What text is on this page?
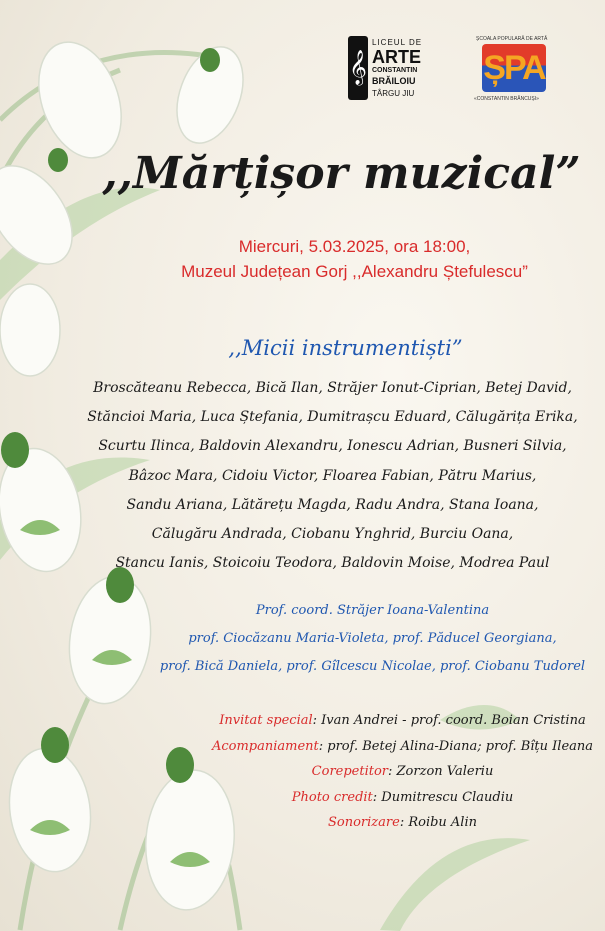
𝄞
LICEUL DE
ARTE
CONSTANTIN
BRĂILOIU
TÂRGU JIU
ȘCOALA POPULARĂ DE ARTĂ
ȘPA
«CONSTANTIN BRÂNCUȘI»
,,Mărțișor muzical”
Miercuri, 5.03.2025, ora 18:00,
Muzeul Județean Gorj ,,Alexandru Ștefulescu”
,,Micii instrumentiști”
Broscăteanu Rebecca, Bică Ilan, Străjer Ionut-Ciprian, Betej David,
Stăncioi Maria, Luca Ștefania, Dumitrașcu Eduard, Călugărița Erika,
Scurtu Ilinca, Baldovin Alexandru, Ionescu Adrian, Busneri Silvia,
Bâzoc Mara, Cidoiu Victor, Floarea Fabian, Pătru Marius,
Sandu Ariana, Lătărețu Magda, Radu Andra, Stana Ioana,
Călugăru Andrada, Ciobanu Ynghrid, Burciu Oana,
Stancu Ianis, Stoicoiu Teodora, Baldovin Moise, Modrea Paul
Prof. coord. Străjer Ioana-Valentina
prof. Ciocăzanu Maria-Violeta, prof. Păducel Georgiana,
prof. Bică Daniela, prof. Gîlcescu Nicolae, prof. Ciobanu Tudorel
Invitat special: Ivan Andrei - prof. coord. Boian Cristina
Acompaniament: prof. Betej Alina-Diana; prof. Bîțu Ileana
Corepetitor: Zorzon Valeriu
Photo credit: Dumitrescu Claudiu
Sonorizare: Roibu Alin
